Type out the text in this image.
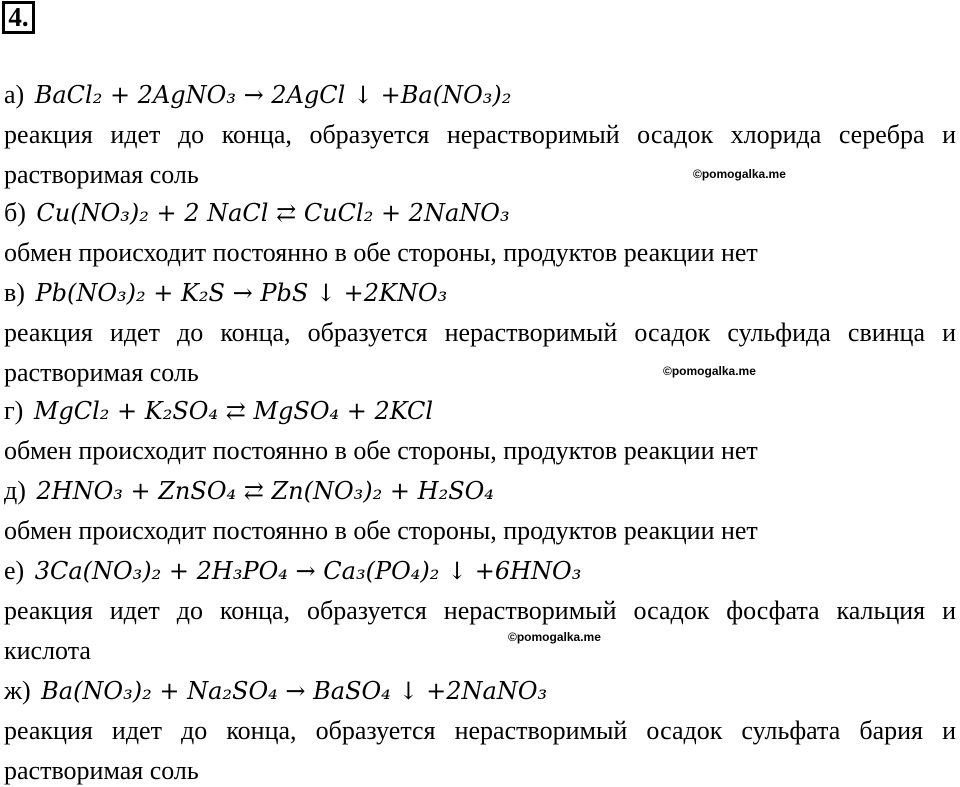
4.
а) BaCl₂ + 2AgNO₃ → 2AgCl ↓ +Ba(NO₃)₂
реакция идет до конца, образуется нерастворимый осадок хлорида серебра и
растворимая соль
б) Cu(NO₃)₂ + 2 NaCl ⇄ CuCl₂ + 2NaNO₃
обмен происходит постоянно в обе стороны, продуктов реакции нет
в) Pb(NO₃)₂ + K₂S → PbS ↓ +2KNO₃
реакция идет до конца, образуется нерастворимый осадок сульфида свинца и
растворимая соль
г) MgCl₂ + K₂SO₄ ⇄ MgSO₄ + 2KCl
обмен происходит постоянно в обе стороны, продуктов реакции нет
д) 2HNO₃ + ZnSO₄ ⇄ Zn(NO₃)₂ + H₂SO₄
обмен происходит постоянно в обе стороны, продуктов реакции нет
е) 3Ca(NO₃)₂ + 2H₃PO₄ → Ca₃(PO₄)₂ ↓ +6HNO₃
реакция идет до конца, образуется нерастворимый осадок фосфата кальция и
кислота
ж) Ba(NO₃)₂ + Na₂SO₄ → BaSO₄ ↓ +2NaNO₃
реакция идет до конца, образуется нерастворимый осадок сульфата бария и
растворимая соль
©pomogalka.me
©pomogalka.me
©pomogalka.me
